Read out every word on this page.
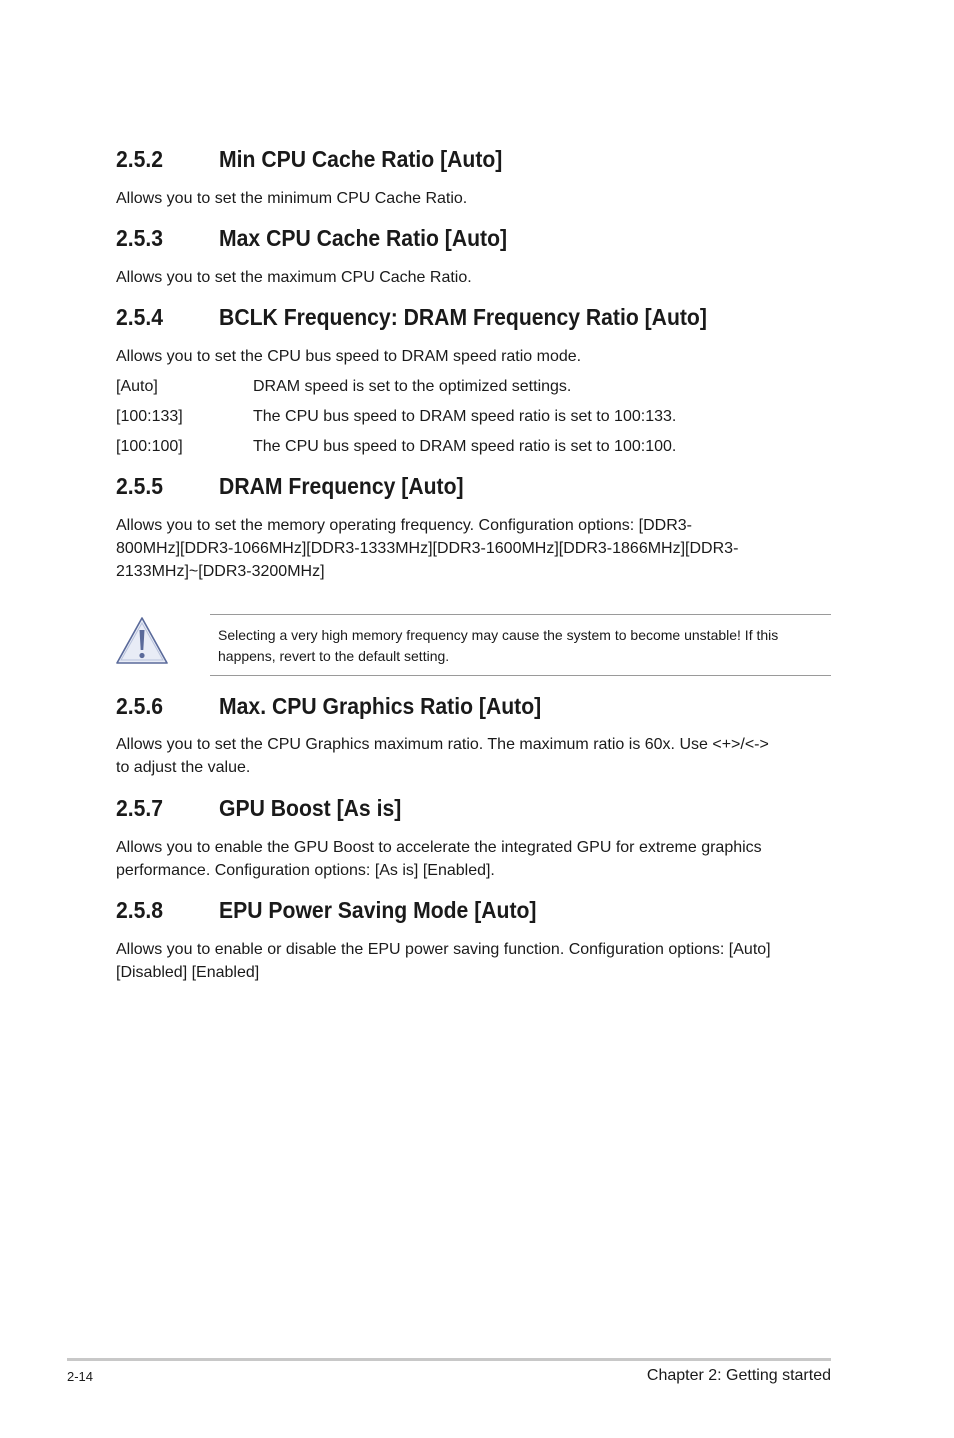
2.5.2 Min CPU Cache Ratio [Auto]

Allows you to set the minimum CPU Cache Ratio.

2.5.3 Max CPU Cache Ratio [Auto]

Allows you to set the maximum CPU Cache Ratio.

2.5.4 BCLK Frequency: DRAM Frequency Ratio [Auto]

Allows you to set the CPU bus speed to DRAM speed ratio mode.

[Auto]	DRAM speed is set to the optimized settings.
[100:133]	The CPU bus speed to DRAM speed ratio is set to 100:133.
[100:100]	The CPU bus speed to DRAM speed ratio is set to 100:100.
2.5.5 DRAM Frequency [Auto]

Allows you to set the memory operating frequency. Configuration options: [DDR3-

800MHz][DDR3-1066MHz][DDR3-1333MHz][DDR3-1600MHz][DDR3-1866MHz][DDR3-

2133MHz]~[DDR3-3200MHz]

Selecting a very high memory frequency may cause the system to become unstable! If this
happens, revert to the default setting.
2.5.6 Max. CPU Graphics Ratio [Auto]

Allows you to set the CPU Graphics maximum ratio. The maximum ratio is 60x. Use <+>/<->

to adjust the value.

2.5.7 GPU Boost [As is]

Allows you to enable the GPU Boost to accelerate the integrated GPU for extreme graphics

performance. Configuration options: [As is] [Enabled].

2.5.8 EPU Power Saving Mode [Auto]

Allows you to enable or disable the EPU power saving function. Configuration options: [Auto]

[Disabled] [Enabled]

2-14	Chapter 2: Getting started
